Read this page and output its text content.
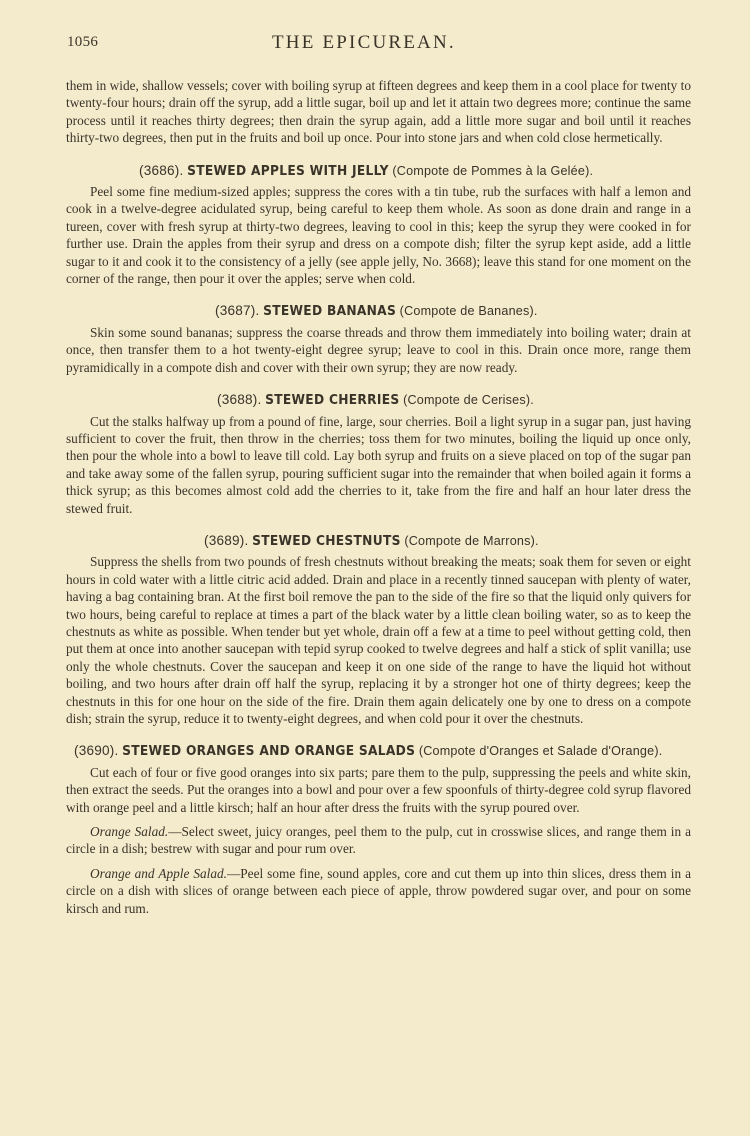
1056	THE EPICUREAN.

them in wide, shallow vessels; cover with boiling syrup at fifteen degrees and keep them in a cool place for twenty to twenty-four hours; drain off the syrup, add a little sugar, boil up and let it attain two degrees more; continue the same process until it reaches thirty degrees; then drain the syrup again, add a little more sugar and boil until it reaches thirty-two degrees, then put in the fruits and boil up once. Pour into stone jars and when cold close hermetically.

(3686). STEWED APPLES WITH JELLY (Compote de Pommes à la Gelée).

Peel some fine medium-sized apples; suppress the cores with a tin tube, rub the surfaces with half a lemon and cook in a twelve-degree acidulated syrup, being careful to keep them whole. As soon as done drain and range in a tureen, cover with fresh syrup at thirty-two degrees, leaving to cool in this; keep the syrup they were cooked in for further use. Drain the apples from their syrup and dress on a compote dish; filter the syrup kept aside, add a little sugar to it and cook it to the consistency of a jelly (see apple jelly, No. 3668); leave this stand for one moment on the corner of the range, then pour it over the apples; serve when cold.

(3687). STEWED BANANAS (Compote de Bananes).

Skin some sound bananas; suppress the coarse threads and throw them immediately into boiling water; drain at once, then transfer them to a hot twenty-eight degree syrup; leave to cool in this. Drain once more, range them pyramidically in a compote dish and cover with their own syrup; they are now ready.

(3688). STEWED CHERRIES (Compote de Cerises).

Cut the stalks halfway up from a pound of fine, large, sour cherries. Boil a light syrup in a sugar pan, just having sufficient to cover the fruit, then throw in the cherries; toss them for two minutes, boiling the liquid up once only, then pour the whole into a bowl to leave till cold. Lay both syrup and fruits on a sieve placed on top of the sugar pan and take away some of the fallen syrup, pouring sufficient sugar into the remainder that when boiled again it forms a thick syrup; as this becomes almost cold add the cherries to it, take from the fire and half an hour later dress the stewed fruit.

(3689). STEWED CHESTNUTS (Compote de Marrons).

Suppress the shells from two pounds of fresh chestnuts without breaking the meats; soak them for seven or eight hours in cold water with a little citric acid added. Drain and place in a recently tinned saucepan with plenty of water, having a bag containing bran. At the first boil remove the pan to the side of the fire so that the liquid only quivers for two hours, being careful to replace at times a part of the black water by a little clean boiling water, so as to keep the chestnuts as white as possible. When tender but yet whole, drain off a few at a time to peel without getting cold, then put them at once into another saucepan with tepid syrup cooked to twelve degrees and half a stick of split vanilla; use only the whole chestnuts. Cover the saucepan and keep it on one side of the range to have the liquid hot without boiling, and two hours after drain off half the syrup, replacing it by a stronger hot one of thirty degrees; keep the chestnuts in this for one hour on the side of the fire. Drain them again delicately one by one to dress on a compote dish; strain the syrup, reduce it to twenty-eight degrees, and when cold pour it over the chestnuts.

(3690). STEWED ORANGES AND ORANGE SALADS (Compote d'Oranges et Salade d'Orange).

Cut each of four or five good oranges into six parts; pare them to the pulp, suppressing the peels and white skin, then extract the seeds. Put the oranges into a bowl and pour over a few spoonfuls of thirty-degree cold syrup flavored with orange peel and a little kirsch; half an hour after dress the fruits with the syrup poured over.

Orange Salad.—Select sweet, juicy oranges, peel them to the pulp, cut in crosswise slices, and range them in a circle in a dish; bestrew with sugar and pour rum over.

Orange and Apple Salad.—Peel some fine, sound apples, core and cut them up into thin slices, dress them in a circle on a dish with slices of orange between each piece of apple, throw powdered sugar over, and pour on some kirsch and rum.
